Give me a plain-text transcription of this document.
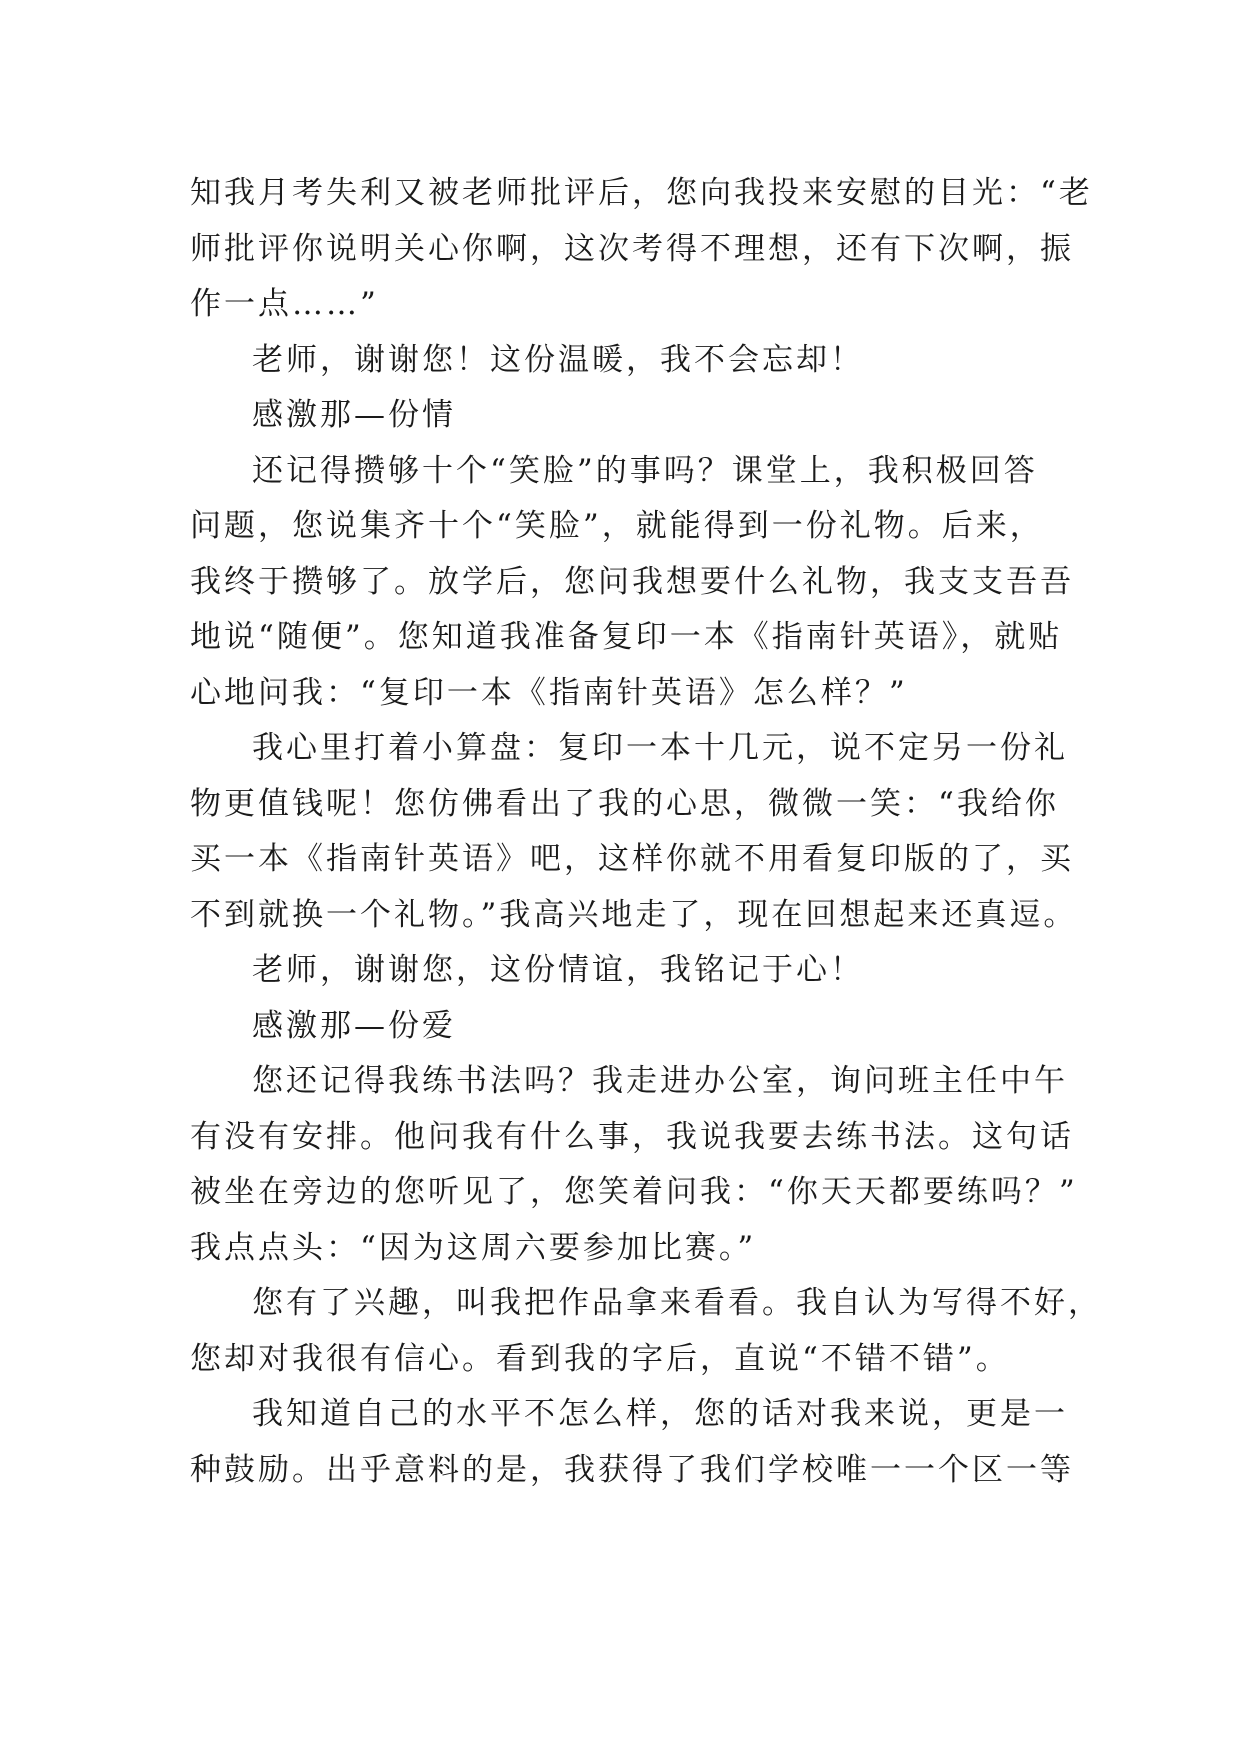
知我月考失利又被老师批评后，您向我投来安慰的目光：“老
师批评你说明关心你啊，这次考得不理想，还有下次啊，振
作一点……”
老师，谢谢您！这份温暖，我不会忘却！
感激那—份情
还记得攒够十个“笑脸”的事吗？课堂上，我积极回答
问题，您说集齐十个“笑脸”，就能得到一份礼物。后来，
我终于攒够了。放学后，您问我想要什么礼物，我支支吾吾
地说“随便”。您知道我准备复印一本《指南针英语》，就贴
心地问我：“复印一本《指南针英语》怎么样？”
我心里打着小算盘：复印一本十几元，说不定另一份礼
物更值钱呢！您仿佛看出了我的心思，微微一笑：“我给你
买一本《指南针英语》吧，这样你就不用看复印版的了，买
不到就换一个礼物。”我高兴地走了，现在回想起来还真逗。
老师，谢谢您，这份情谊，我铭记于心！
感激那—份爱
您还记得我练书法吗？我走进办公室，询问班主任中午
有没有安排。他问我有什么事，我说我要去练书法。这句话
被坐在旁边的您听见了，您笑着问我：“你天天都要练吗？”
我点点头：“因为这周六要参加比赛。”
您有了兴趣，叫我把作品拿来看看。我自认为写得不好，
您却对我很有信心。看到我的字后，直说“不错不错”。
我知道自己的水平不怎么样，您的话对我来说，更是一
种鼓励。出乎意料的是，我获得了我们学校唯一一个区一等
